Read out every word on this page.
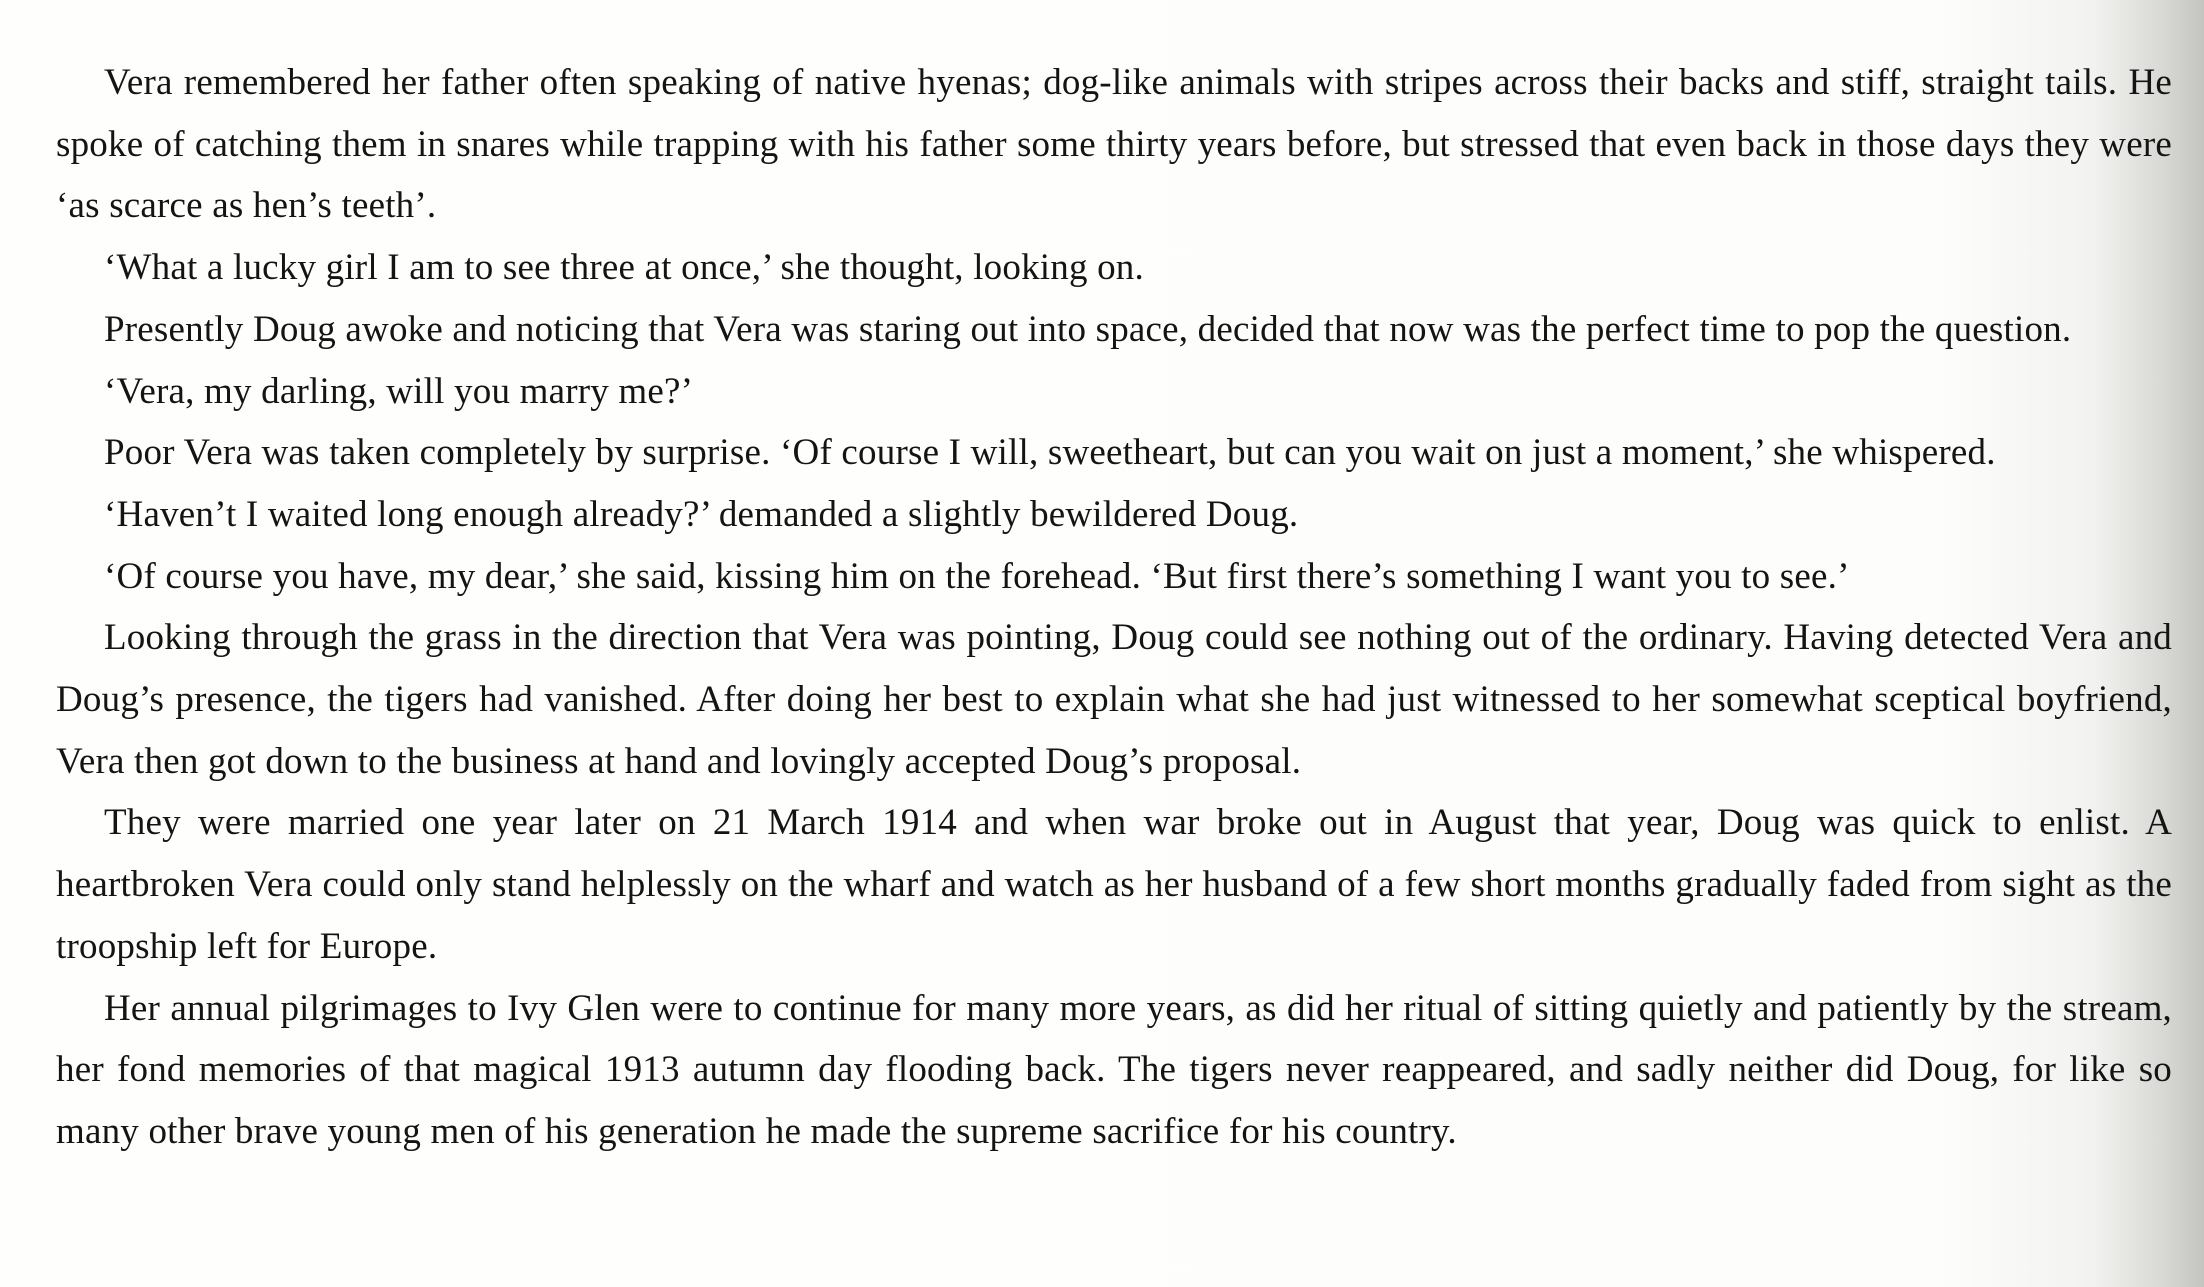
Vera remembered her father often speaking of native hyenas; dog-like animals with stripes across their backs and stiff, straight tails. He spoke of catching them in snares while trapping with his father some thirty years before, but stressed that even back in those days they were ‘as scarce as hen’s teeth’.

‘What a lucky girl I am to see three at once,’ she thought, looking on.

Presently Doug awoke and noticing that Vera was staring out into space, decided that now was the perfect time to pop the question.

‘Vera, my darling, will you marry me?’

Poor Vera was taken completely by surprise. ‘Of course I will, sweetheart, but can you wait on just a moment,’ she whispered.

‘Haven’t I waited long enough already?’ demanded a slightly bewildered Doug.

‘Of course you have, my dear,’ she said, kissing him on the forehead. ‘But first there’s something I want you to see.’

Looking through the grass in the direction that Vera was pointing, Doug could see nothing out of the ordinary. Having detected Vera and Doug’s presence, the tigers had vanished. After doing her best to explain what she had just witnessed to her somewhat sceptical boyfriend, Vera then got down to the business at hand and lovingly accepted Doug’s proposal.

They were married one year later on 21 March 1914 and when war broke out in August that year, Doug was quick to enlist. A heartbroken Vera could only stand helplessly on the wharf and watch as her husband of a few short months gradually faded from sight as the troopship left for Europe.

Her annual pilgrimages to Ivy Glen were to continue for many more years, as did her ritual of sitting quietly and patiently by the stream, her fond memories of that magical 1913 autumn day flooding back. The tigers never reappeared, and sadly neither did Doug, for like so many other brave young men of his generation he made the supreme sacrifice for his country.
